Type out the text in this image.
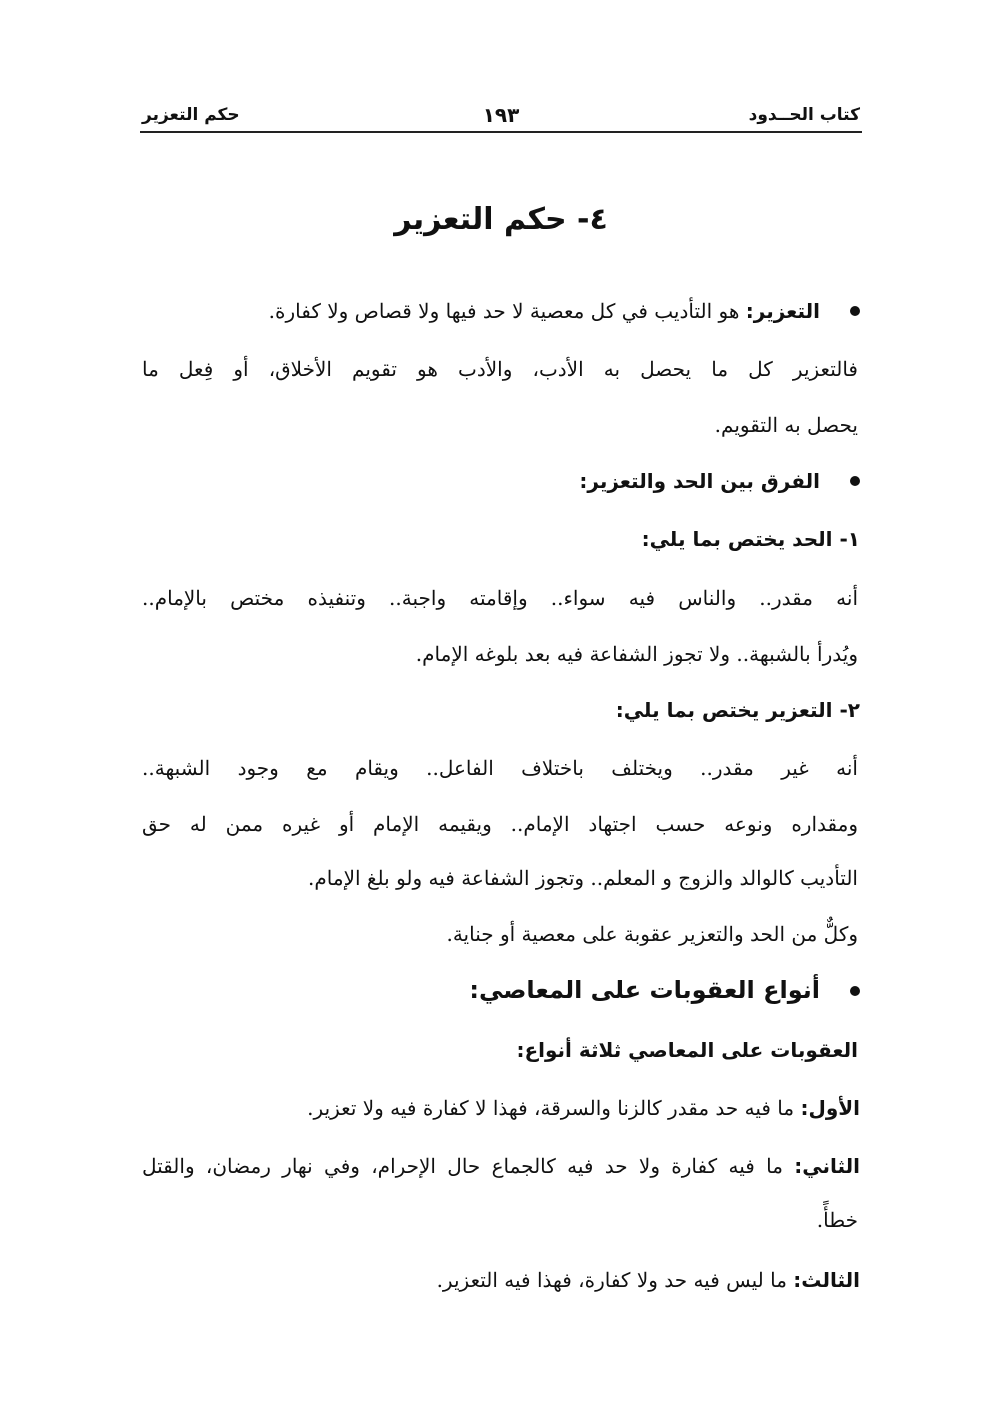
كتاب الحــدود
١٩٣
حكم التعزير
٤- حكم التعزير
التعزير: هو التأديب في كل معصية لا حد فيها ولا قصاص ولا كفارة.
فالتعزير كل ما يحصل به الأدب، والأدب هو تقويم الأخلاق، أو فِعل ما
يحصل به التقويم.
الفرق بين الحد والتعزير:
١- الحد يختص بما يلي:
أنه مقدر.. والناس فيه سواء.. وإقامته واجبة.. وتنفيذه مختص بالإمام..
ويُدرأ بالشبهة.. ولا تجوز الشفاعة فيه بعد بلوغه الإمام.
٢- التعزير يختص بما يلي:
أنه غير مقدر.. ويختلف باختلاف الفاعل.. ويقام مع وجود الشبهة..
ومقداره ونوعه حسب اجتهاد الإمام.. ويقيمه الإمام أو غيره ممن له حق
التأديب كالوالد والزوج و المعلم.. وتجوز الشفاعة فيه ولو بلغ الإمام.
وكلٌّ من الحد والتعزير عقوبة على معصية أو جناية.
أنواع العقوبات على المعاصي:
العقوبات على المعاصي ثلاثة أنواع:
الأول: ما فيه حد مقدر كالزنا والسرقة، فهذا لا كفارة فيه ولا تعزير.
الثاني: ما فيه كفارة ولا حد فيه كالجماع حال الإحرام، وفي نهار رمضان، والقتل
خطأً.
الثالث: ما ليس فيه حد ولا كفارة، فهذا فيه التعزير.
